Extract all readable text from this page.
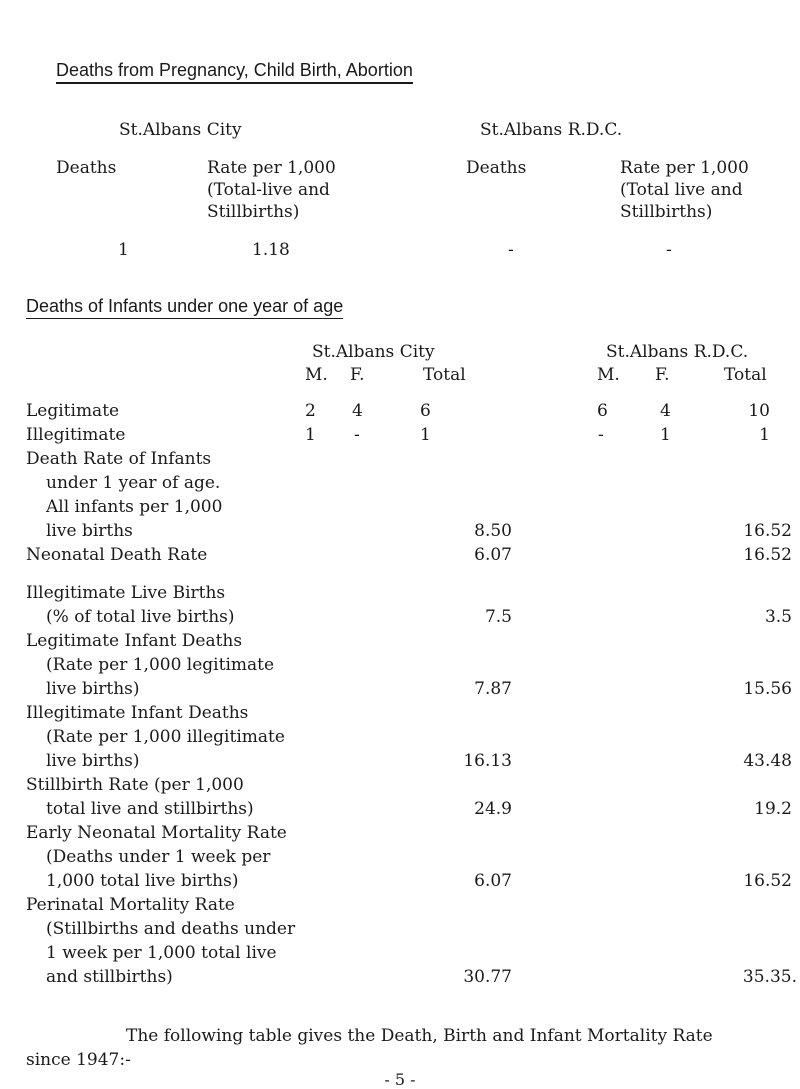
Deaths from Pregnancy, Child Birth, Abortion
St.Albans City	St.Albans R.D.C.
Deaths	Rate per 1,000
(Total-live and
Stillbirths)
Deaths	Rate per 1,000
(Total live and
Stillbirths)
1	1.18	-	-
Deaths of Infants under one year of age
St.Albans City	St.Albans R.D.C.
M. F.	Total	M. F.	Total
Legitimate	2 4	6	6	4	10
Illegitimate	1 -	1	-	1	1
Death Rate of Infants
under 1 year of age.
All infants per 1,000
live births	8.50	16.52
Neonatal Death Rate	6.07	16.52
Illegitimate Live Births
(% of total live births)	7.5	3.5
Legitimate Infant Deaths
(Rate per 1,000 legitimate
live births)	7.87	15.56
Illegitimate Infant Deaths
(Rate per 1,000 illegitimate
live births)	16.13	43.48
Stillbirth Rate (per 1,000
total live and stillbirths)	24.9	19.2
Early Neonatal Mortality Rate
(Deaths under 1 week per
1,000 total live births)	6.07	16.52
Perinatal Mortality Rate
(Stillbirths and deaths under
1 week per 1,000 total live
and stillbirths)	30.77	35.35.
The following table gives the Death, Birth and Infant Mortality Rate
since 1947:-
- 5 -
